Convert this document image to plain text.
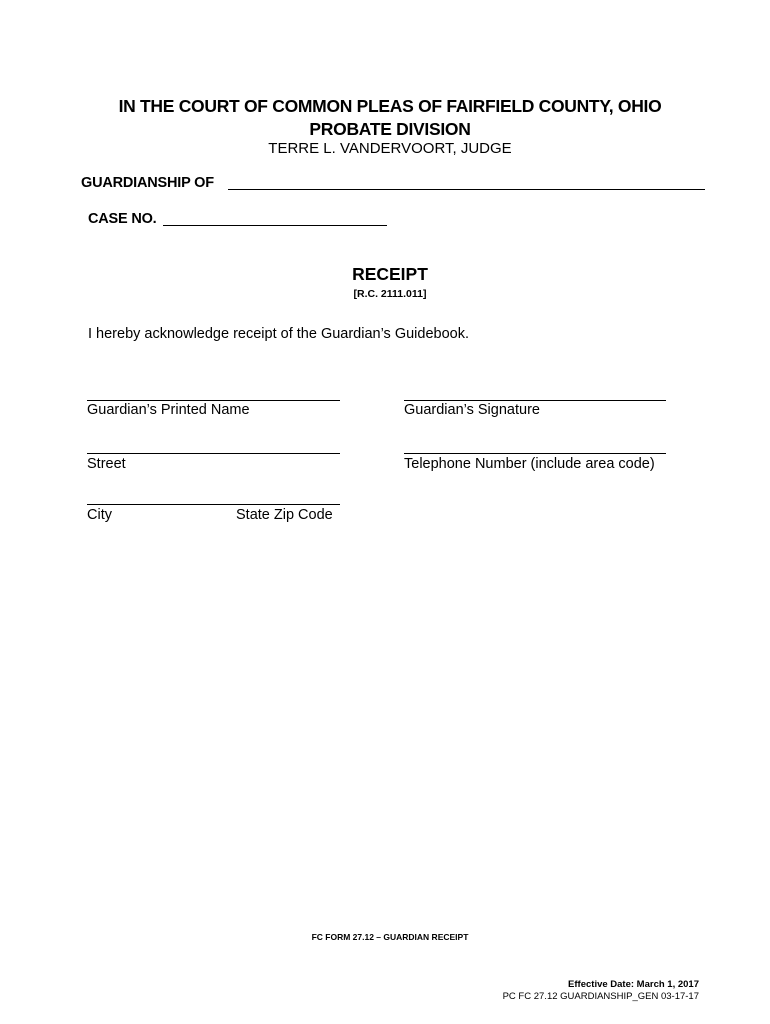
IN THE COURT OF COMMON PLEAS OF FAIRFIELD COUNTY, OHIO
PROBATE DIVISION
TERRE L. VANDERVOORT, JUDGE
GUARDIANSHIP OF
CASE NO.
RECEIPT
[R.C. 2111.011]
I hereby acknowledge receipt of the Guardian’s Guidebook.
Guardian’s Printed Name	Guardian’s Signature
Street	Telephone Number (include area code)
City	State Zip Code
FC FORM 27.12 – GUARDIAN RECEIPT
Effective Date: March 1, 2017
PC FC 27.12 GUARDIANSHIP_GEN 03-17-17
